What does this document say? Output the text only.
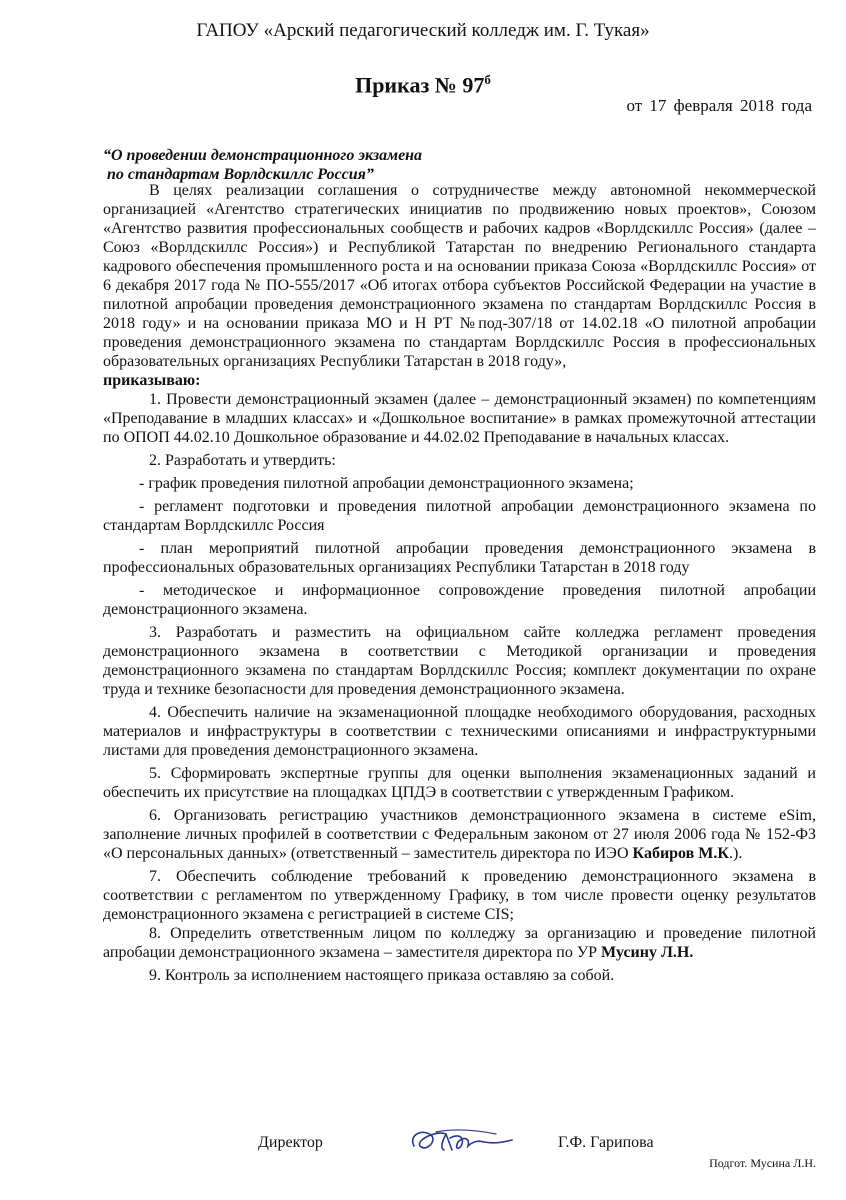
ГАПОУ «Арский педагогический колледж им. Г. Тукая»
Приказ № $97^б$
от 17 февраля 2018 года
“О проведении демонстрационного экзамена
по стандартам Ворлдскиллс Россия”

В целях реализации соглашения о сотрудничестве между автономной некоммерческой организацией «Агентство стратегических инициатив по продвижению новых проектов», Союзом «Агентство развития профессиональных сообществ и рабочих кадров «Ворлдскиллс Россия» (далее – Союз «Ворлдскиллс Россия») и Республикой Татарстан по внедрению Регионального стандарта кадрового обеспечения промышленного роста и на основании приказа Союза «Ворлдскиллс Россия» от 6 декабря 2017 года № ПО-555/2017 «Об итогах отбора субъектов Российской Федерации на участие в пилотной апробации проведения демонстрационного экзамена по стандартам Ворлдскиллс Россия в 2018 году» и на основании приказа МО и Н РТ №под-307/18 от 14.02.18 «О пилотной апробации проведения демонстрационного экзамена по стандартам Ворлдскиллс Россия в профессиональных образовательных организациях Республики Татарстан в 2018 году»,

приказываю:

1. Провести демонстрационный экзамен (далее – демонстрационный экзамен) по компетенциям «Преподавание в младших классах» и «Дошкольное воспитание» в рамках промежуточной аттестации по ОПОП 44.02.10 Дошкольное образование и 44.02.02 Преподавание в начальных классах.

2. Разработать и утвердить:

- график проведения пилотной апробации демонстрационного экзамена;

- регламент подготовки и проведения пилотной апробации демонстрационного экзамена по стандартам Ворлдскиллс Россия

- план мероприятий пилотной апробации проведения демонстрационного экзамена в профессиональных образовательных организациях Республики Татарстан в 2018 году

- методическое и информационное сопровождение проведения пилотной апробации демонстрационного экзамена.

3. Разработать и разместить на официальном сайте колледжа регламент проведения демонстрационного экзамена в соответствии с Методикой организации и проведения демонстрационного экзамена по стандартам Ворлдскиллс Россия; комплект документации по охране труда и технике безопасности для проведения демонстрационного экзамена.

4. Обеспечить наличие на экзаменационной площадке необходимого оборудования, расходных материалов и инфраструктуры в соответствии с техническими описаниями и инфраструктурными листами для проведения демонстрационного экзамена.

5. Сформировать экспертные группы для оценки выполнения экзаменационных заданий и обеспечить их присутствие на площадках ЦПДЭ в соответствии с утвержденным Графиком.

6. Организовать регистрацию участников демонстрационного экзамена в системе eSim, заполнение личных профилей в соответствии с Федеральным законом от 27 июля 2006 года № 152-ФЗ «О персональных данных» (ответственный – заместитель директора по ИЭО Кабиров М.К.).

7. Обеспечить соблюдение требований к проведению демонстрационного экзамена в соответствии с регламентом по утвержденному Графику, в том числе провести оценку результатов демонстрационного экзамена с регистрацией в системе CIS;

8. Определить ответственным лицом по колледжу за организацию и проведение пилотной апробации демонстрационного экзамена – заместителя директора по УР Мусину Л.Н.

9. Контроль за исполнением настоящего приказа оставляю за собой.

Директор	Г.Ф. Гарипова
Подгот. Мусина Л.Н.
